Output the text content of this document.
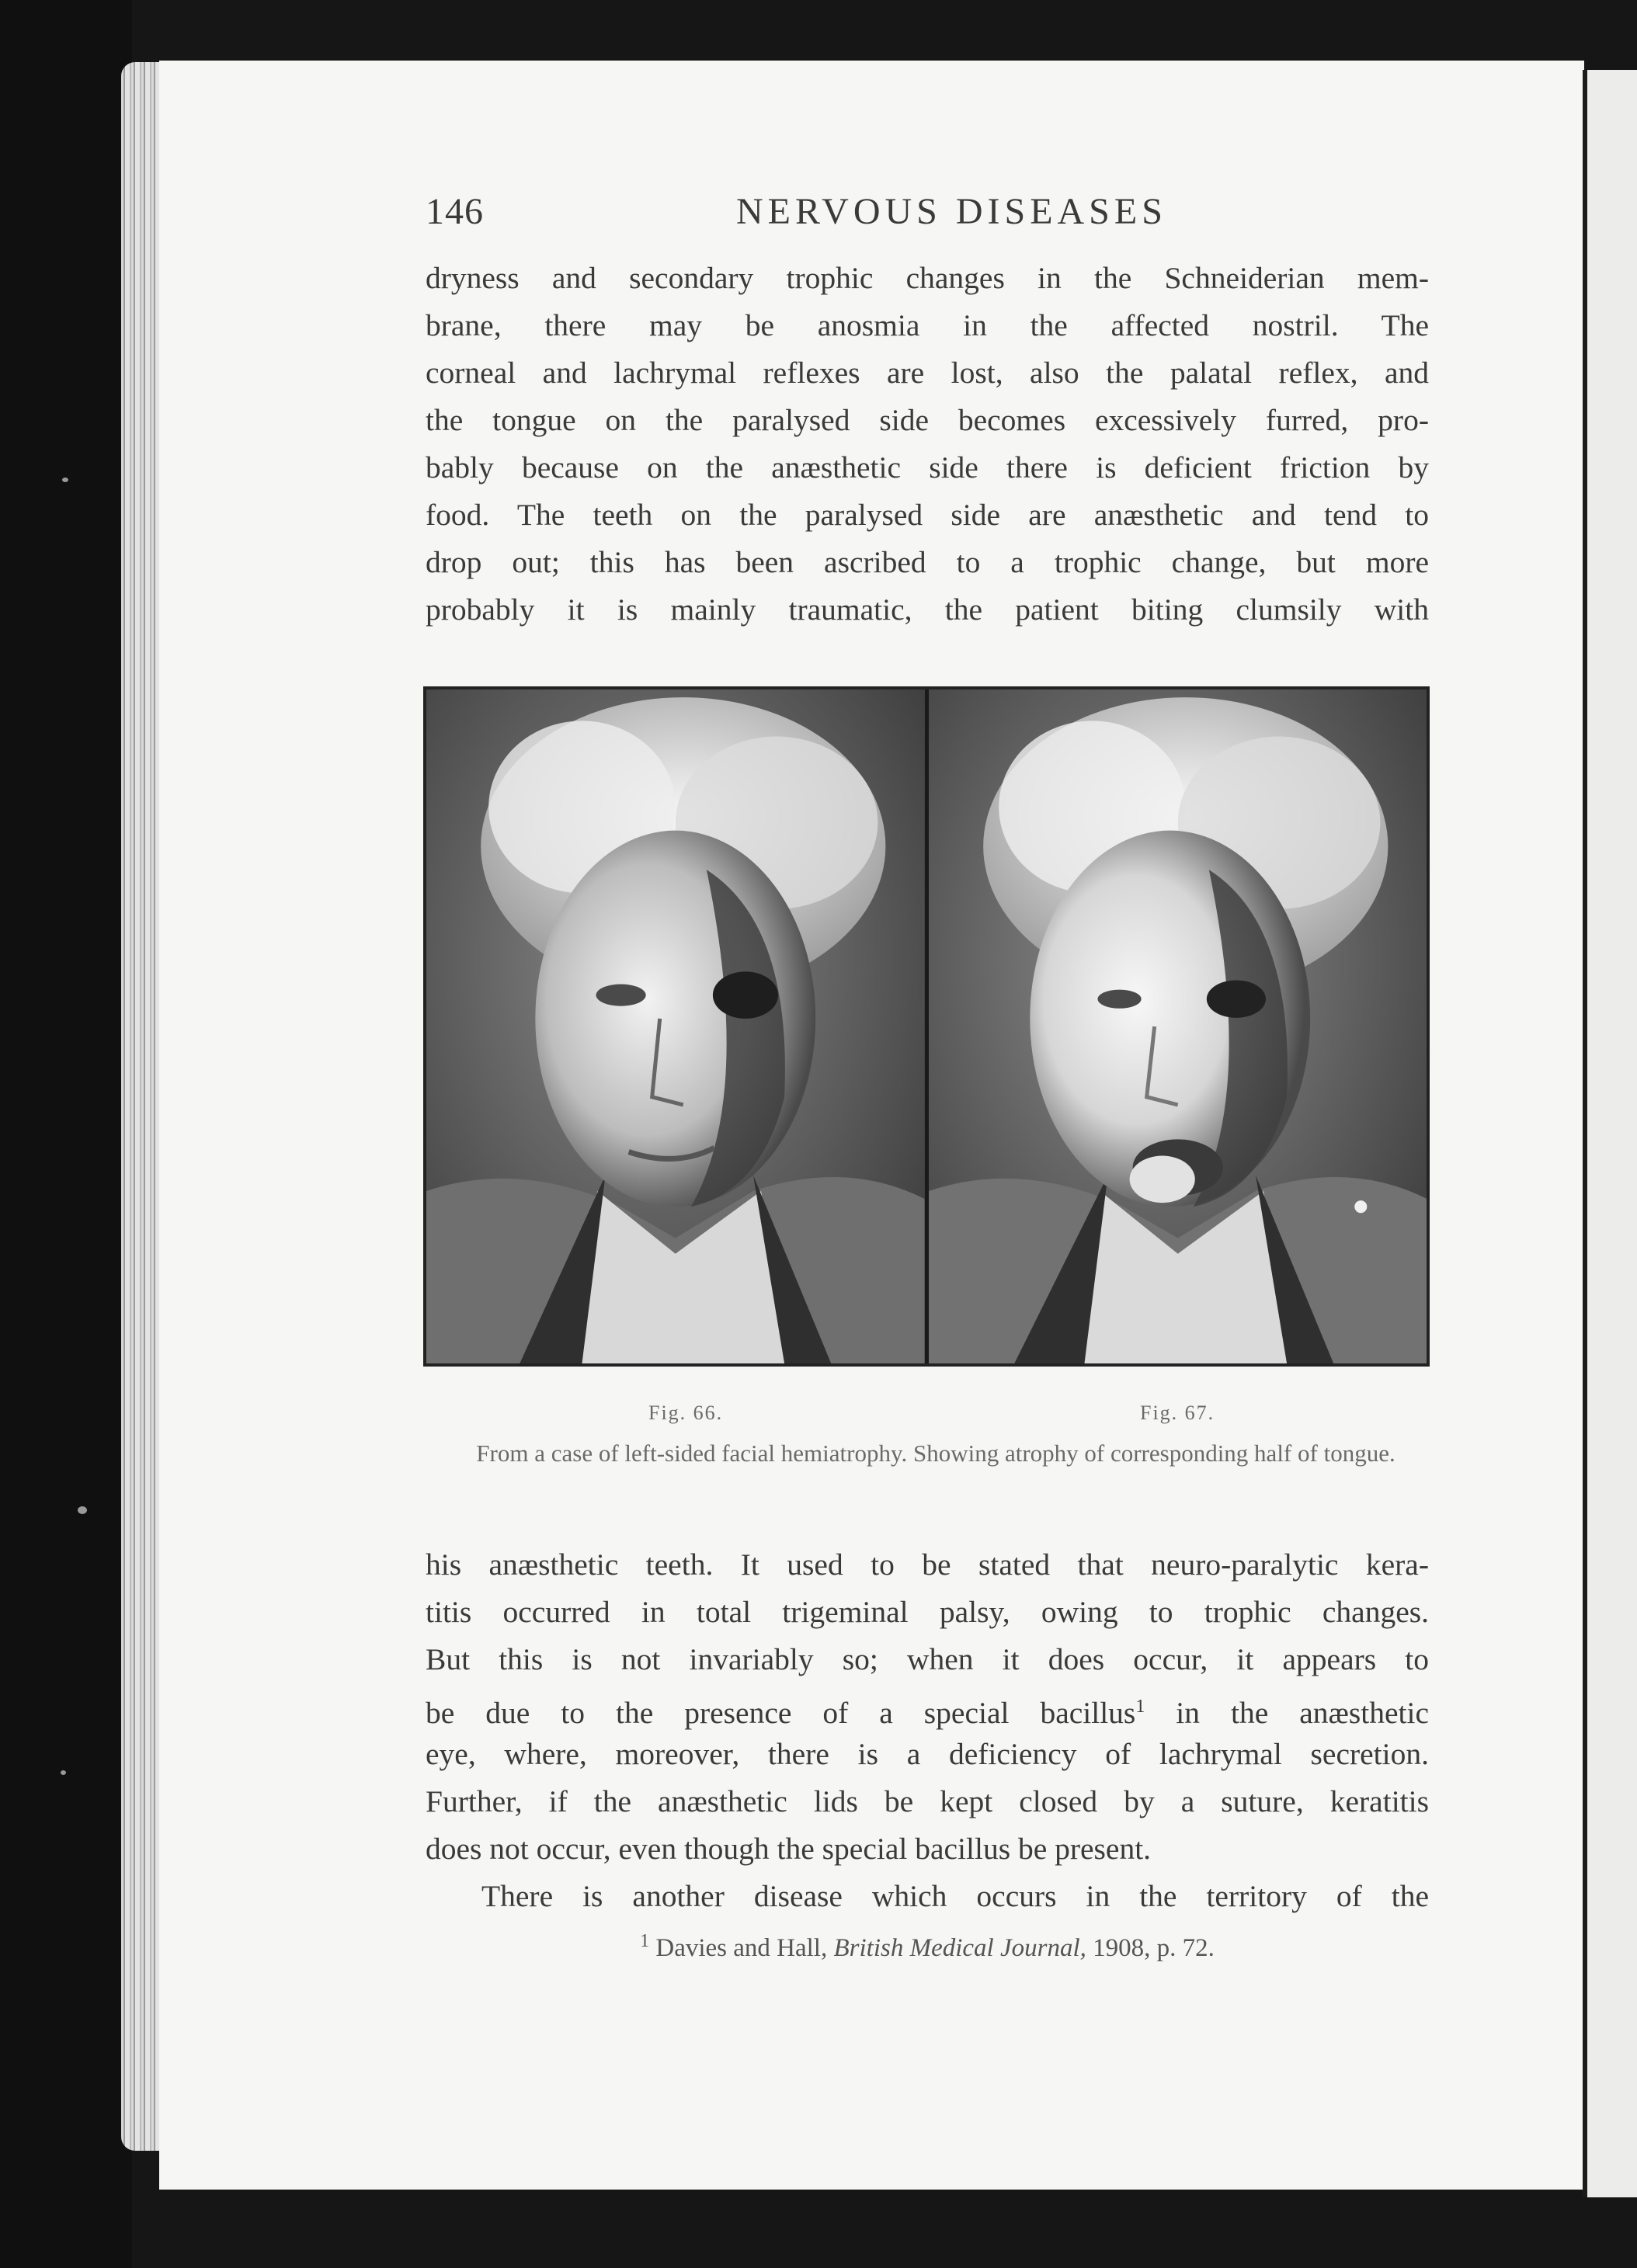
146	NERVOUS DISEASES

dryness and secondary trophic changes in the Schneiderian mem-

brane, there may be anosmia in the affected nostril. The

corneal and lachrymal reflexes are lost, also the palatal reflex, and

the tongue on the paralysed side becomes excessively furred, pro-

bably because on the anæsthetic side there is deficient friction by

food. The teeth on the paralysed side are anæsthetic and tend to

drop out; this has been ascribed to a trophic change, but more

probably it is mainly traumatic, the patient biting clumsily with

Fig. 66.	Fig. 67.

From a case of left-sided facial hemiatrophy. Showing atrophy of corresponding half of tongue.

his anæsthetic teeth. It used to be stated that neuro-paralytic kera-

titis occurred in total trigeminal palsy, owing to trophic changes.

But this is not invariably so; when it does occur, it appears to

be due to the presence of a special bacillus$^1$ in the anæsthetic

eye, where, moreover, there is a deficiency of lachrymal secretion.

Further, if the anæsthetic lids be kept closed by a suture, keratitis

does not occur, even though the special bacillus be present.

There is another disease which occurs in the territory of the

$^1$ Davies and Hall, British Medical Journal, 1908, p. 72.
